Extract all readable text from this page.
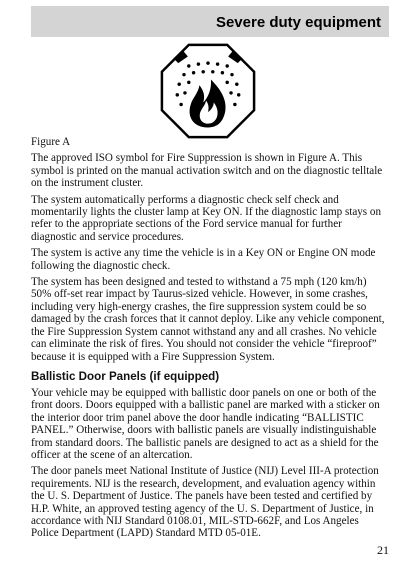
Severe duty equipment
Figure A

The approved ISO symbol for Fire Suppression is shown in Figure A. This symbol is printed on the manual activation switch and on the diagnostic telltale on the instrument cluster.

The system automatically performs a diagnostic check self check and momentarily lights the cluster lamp at Key ON. If the diagnostic lamp stays on refer to the appropriate sections of the Ford service manual for further diagnostic and service procedures.

The system is active any time the vehicle is in a Key ON or Engine ON mode following the diagnostic check.

The system has been designed and tested to withstand a 75 mph (120 km/h) 50% off-set rear impact by Taurus-sized vehicle. However, in some crashes, including very high-energy crashes, the fire suppression system could be so damaged by the crash forces that it cannot deploy. Like any vehicle component, the Fire Suppression System cannot withstand any and all crashes. No vehicle can eliminate the risk of fires. You should not consider the vehicle “fireproof” because it is equipped with a Fire Suppression System.

Ballistic Door Panels (if equipped)

Your vehicle may be equipped with ballistic door panels on one or both of the front doors. Doors equipped with a ballistic panel are marked with a sticker on the interior door trim panel above the door handle indicating “BALLISTIC PANEL.” Otherwise, doors with ballistic panels are visually indistinguishable from standard doors. The ballistic panels are designed to act as a shield for the officer at the scene of an altercation.

The door panels meet National Institute of Justice (NIJ) Level III-A protection requirements. NIJ is the research, development, and evaluation agency within the U. S. Department of Justice. The panels have been tested and certified by H.P. White, an approved testing agency of the U. S. Department of Justice, in accordance with NIJ Standard 0108.01, MIL-STD-662F, and Los Angeles Police Department (LAPD) Standard MTD 05-01E.

21
